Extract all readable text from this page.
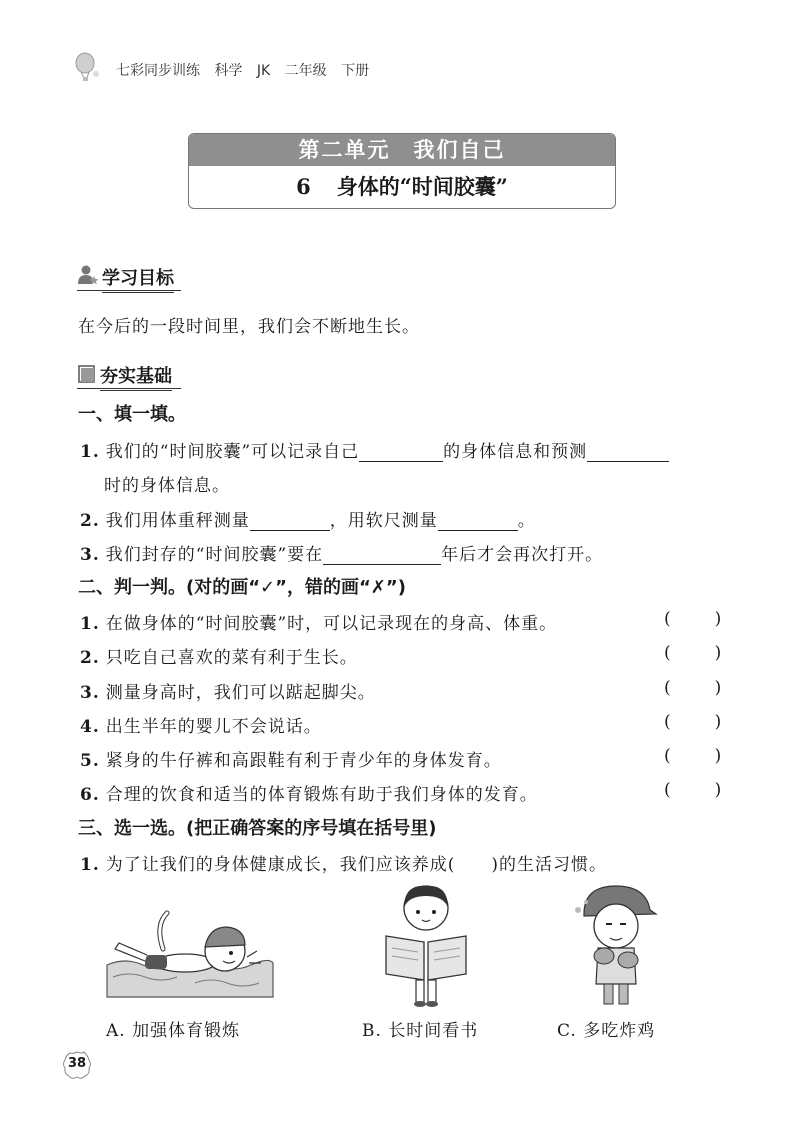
七彩同步训练 科学 JK 二年级 下册
第二单元　我们自己
6 身体的“时间胶囊”
学习目标
在今后的一段时间里，我们会不断地生长。
夯实基础
一、填一填。
1. 我们的“时间胶囊”可以记录自己	的身体信息和预测
时的身体信息。
2. 我们用体重秤测量	，用软尺测量	。
3. 我们封存的“时间胶囊”要在	年后才会再次打开。
二、判一判。(对的画“✓”，错的画“✗”)
1. 在做身体的“时间胶囊”时，可以记录现在的身高、体重。	(	)
2. 只吃自己喜欢的菜有利于生长。	(	)
3. 测量身高时，我们可以踮起脚尖。	(	)
4. 出生半年的婴儿不会说话。	(	)
5. 紧身的牛仔裤和高跟鞋有利于青少年的身体发育。	(	)
6. 合理的饮食和适当的体育锻炼有助于我们身体的发育。	(	)
三、选一选。(把正确答案的序号填在括号里)
1. 为了让我们的身体健康成长，我们应该养成( )的生活习惯。
A. 加强体育锻炼	B. 长时间看书	C. 多吃炸鸡
38
